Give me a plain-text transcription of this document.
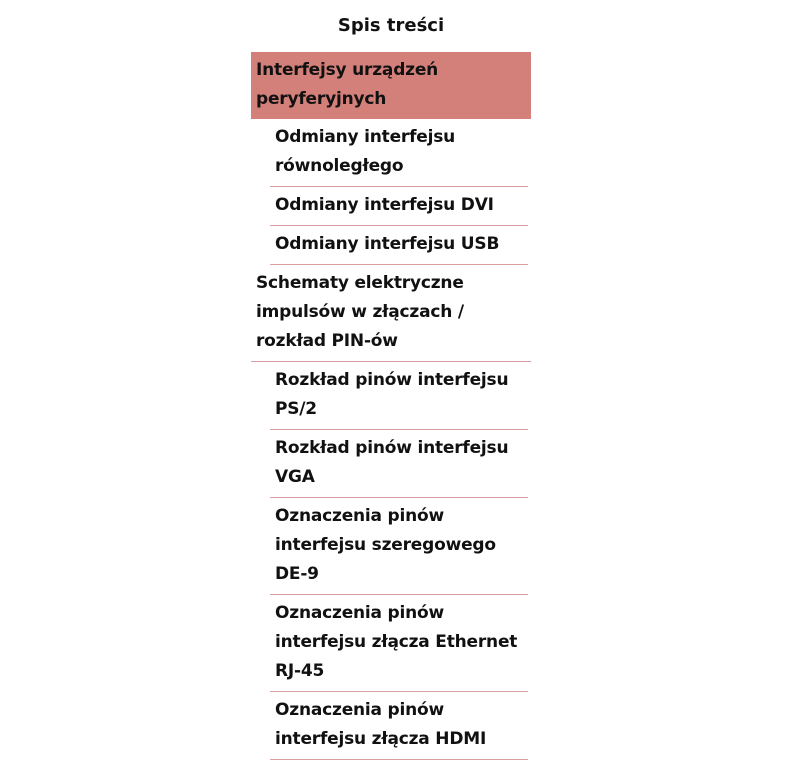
Spis treści
Interfejsy urządzeń peryferyjnych
Odmiany interfejsu równoległego
Odmiany interfejsu DVI
Odmiany interfejsu USB
Schematy elektryczne impulsów w złączach / rozkład PIN-ów
Rozkład pinów interfejsu PS/2
Rozkład pinów interfejsu VGA
Oznaczenia pinów interfejsu szeregowego DE-9
Oznaczenia pinów interfejsu złącza Ethernet RJ-45
Oznaczenia pinów interfejsu złącza HDMI
